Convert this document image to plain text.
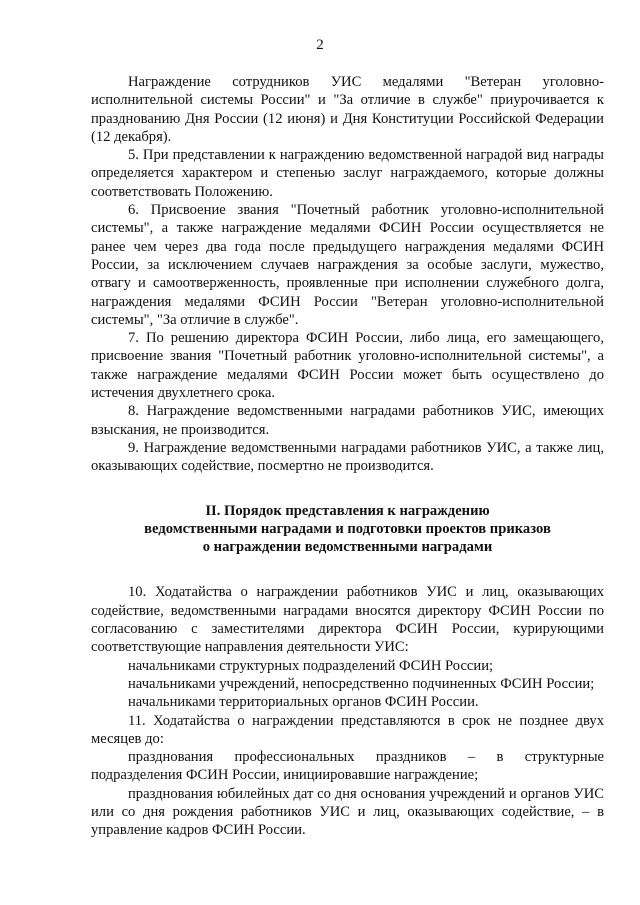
2

Награждение сотрудников УИС медалями "Ветеран уголовно-исполнительной системы России" и "За отличие в службе" приурочивается к празднованию Дня России (12 июня) и Дня Конституции Российской Федерации (12 декабря).

5. При представлении к награждению ведомственной наградой вид награды определяется характером и степенью заслуг награждаемого, которые должны соответствовать Положению.

6. Присвоение звания "Почетный работник уголовно-исполнительной системы", а также награждение медалями ФСИН России осуществляется не ранее чем через два года после предыдущего награждения медалями ФСИН России, за исключением случаев награждения за особые заслуги, мужество, отвагу и самоотверженность, проявленные при исполнении служебного долга, награждения медалями ФСИН России "Ветеран уголовно-исполнительной системы", "За отличие в службе".

7. По решению директора ФСИН России, либо лица, его замещающего, присвоение звания "Почетный работник уголовно-исполнительной системы", а также награждение медалями ФСИН России может быть осуществлено до истечения двухлетнего срока.

8. Награждение ведомственными наградами работников УИС, имеющих взыскания, не производится.

9. Награждение ведомственными наградами работников УИС, а также лиц, оказывающих содействие, посмертно не производится.

II. Порядок представления к награждению
ведомственными наградами и подготовки проектов приказов
о награждении ведомственными наградами

10. Ходатайства о награждении работников УИС и лиц, оказывающих содействие, ведомственными наградами вносятся директору ФСИН России по согласованию с заместителями директора ФСИН России, курирующими соответствующие направления деятельности УИС:

начальниками структурных подразделений ФСИН России;

начальниками учреждений, непосредственно подчиненных ФСИН России;

начальниками территориальных органов ФСИН России.

11. Ходатайства о награждении представляются в срок не позднее двух месяцев до:

празднования профессиональных праздников – в структурные подразделения ФСИН России, инициировавшие награждение;

празднования юбилейных дат со дня основания учреждений и органов УИС или со дня рождения работников УИС и лиц, оказывающих содействие, – в управление кадров ФСИН России.
